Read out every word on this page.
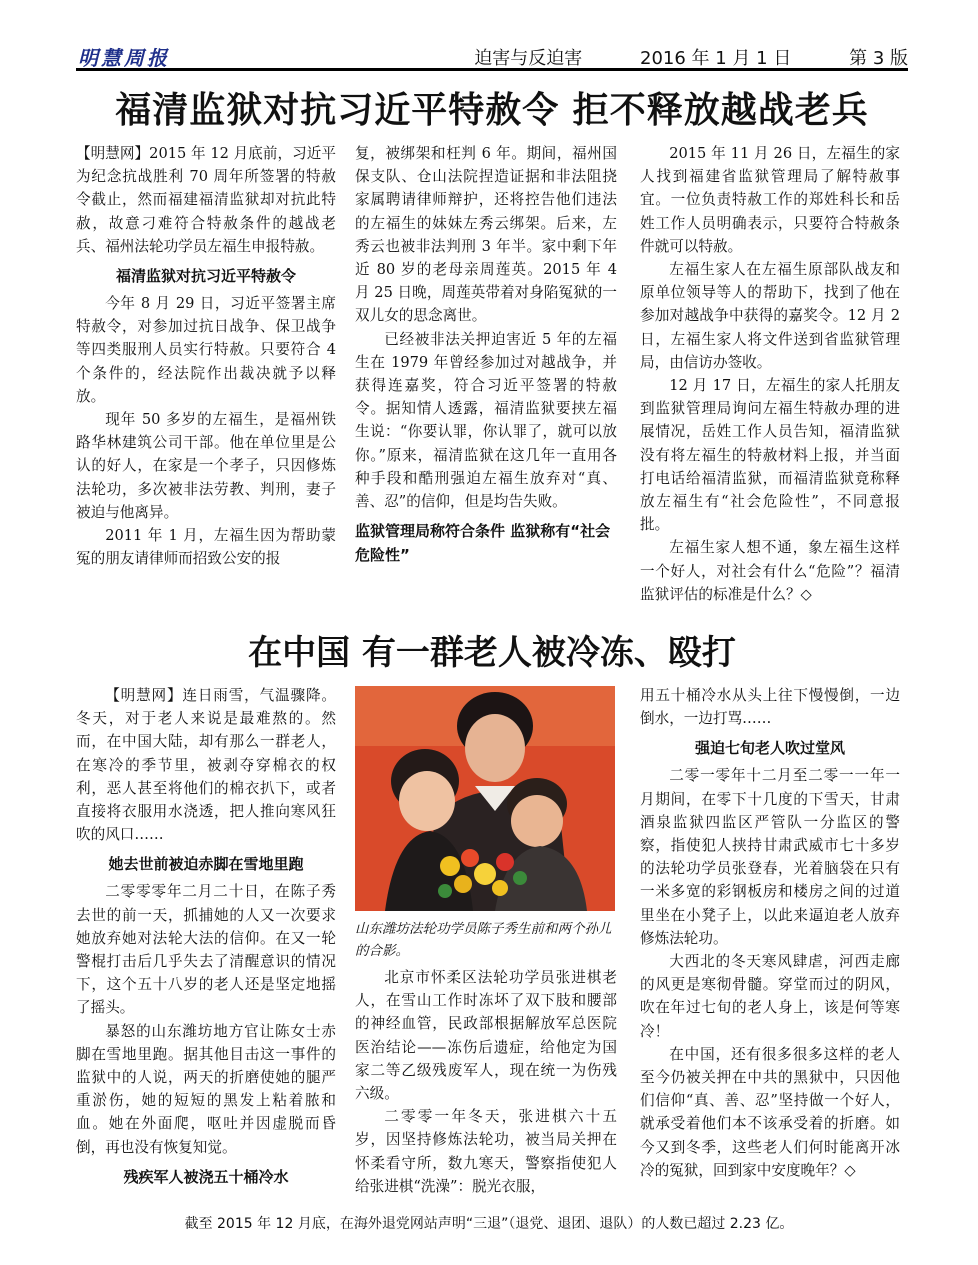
明慧周报	迫害与反迫害	2016 年 1 月 1 日	第 3 版
福清监狱对抗习近平特赦令 拒不释放越战老兵

【明慧网】2015 年 12 月底前，习近平为纪念抗战胜利 70 周年所签署的特赦令截止，然而福建福清监狱却对抗此特赦，故意刁难符合特赦条件的越战老兵、福州法轮功学员左福生申报特赦。

福清监狱对抗习近平特赦令

今年 8 月 29 日，习近平签署主席特赦令，对参加过抗日战争、保卫战争等四类服刑人员实行特赦。只要符合 4 个条件的，经法院作出裁决就予以释放。

现年 50 多岁的左福生，是福州铁路华林建筑公司干部。他在单位里是公认的好人，在家是一个孝子，只因修炼法轮功，多次被非法劳教、判刑，妻子被迫与他离异。

2011 年 1 月，左福生因为帮助蒙冤的朋友请律师而招致公安的报

复，被绑架和枉判 6 年。期间，福州国保支队、仓山法院捏造证据和非法阻挠家属聘请律师辩护，还将控告他们违法的左福生的妹妹左秀云绑架。后来，左秀云也被非法判刑 3 年半。家中剩下年近 80 岁的老母亲周莲英。2015 年 4 月 25 日晚，周莲英带着对身陷冤狱的一双儿女的思念离世。

已经被非法关押迫害近 5 年的左福生在 1979 年曾经参加过对越战争，并获得连嘉奖，符合习近平签署的特赦令。据知情人透露，福清监狱要挟左福生说：“你要认罪，你认罪了，就可以放你。”原来，福清监狱在这几年一直用各种手段和酷刑强迫左福生放弃对“真、善、忍”的信仰，但是均告失败。

监狱管理局称符合条件 监狱称有“社会危险性”

2015 年 11 月 26 日，左福生的家人找到福建省监狱管理局了解特赦事宜。一位负责特赦工作的郑姓科长和岳姓工作人员明确表示，只要符合特赦条件就可以特赦。

左福生家人在左福生原部队战友和原单位领导等人的帮助下，找到了他在参加对越战争中获得的嘉奖令。12 月 2 日，左福生家人将文件送到省监狱管理局，由信访办签收。

12 月 17 日，左福生的家人托朋友到监狱管理局询问左福生特赦办理的进展情况，岳姓工作人员告知，福清监狱没有将左福生的特赦材料上报，并当面打电话给福清监狱，而福清监狱竟称释放左福生有“社会危险性”，不同意报批。

左福生家人想不通，象左福生这样一个好人，对社会有什么“危险”？福清监狱评估的标准是什么？◇

在中国 有一群老人被冷冻、殴打

【明慧网】连日雨雪，气温骤降。冬天，对于老人来说是最难熬的。然而，在中国大陆，却有那么一群老人，在寒冷的季节里，被剥夺穿棉衣的权利，恶人甚至将他们的棉衣扒下，或者直接将衣服用水浇透，把人推向寒风狂吹的风口……

她去世前被迫赤脚在雪地里跑

二零零零年二月二十日，在陈子秀去世的前一天，抓捕她的人又一次要求她放弃她对法轮大法的信仰。在又一轮警棍打击后几乎失去了清醒意识的情况下，这个五十八岁的老人还是坚定地摇了摇头。

暴怒的山东潍坊地方官让陈女士赤脚在雪地里跑。据其他目击这一事件的监狱中的人说，两天的折磨使她的腿严重淤伤，她的短短的黑发上粘着脓和血。她在外面爬，呕吐并因虚脱而昏倒，再也没有恢复知觉。

残疾军人被浇五十桶冷水
山东潍坊法轮功学员陈子秀生前和两个孙儿的合影。

北京市怀柔区法轮功学员张进棋老人，在雪山工作时冻坏了双下肢和腰部的神经血管，民政部根据解放军总医院医治结论——冻伤后遗症，给他定为国家二等乙级残废军人，现在统一为伤残六级。

二零零一年冬天，张进棋六十五岁，因坚持修炼法轮功，被当局关押在怀柔看守所，数九寒天，警察指使犯人给张进棋“洗澡”：脱光衣服，

用五十桶冷水从头上往下慢慢倒，一边倒水，一边打骂……

强迫七旬老人吹过堂风

二零一零年十二月至二零一一年一月期间，在零下十几度的下雪天，甘肃酒泉监狱四监区严管队一分监区的警察，指使犯人挟持甘肃武威市七十多岁的法轮功学员张登春，光着脑袋在只有一米多宽的彩钢板房和楼房之间的过道里坐在小凳子上，以此来逼迫老人放弃修炼法轮功。

大西北的冬天寒风肆虐，河西走廊的风更是寒彻骨髓。穿堂而过的阴风，吹在年过七旬的老人身上，该是何等寒冷！

在中国，还有很多很多这样的老人至今仍被关押在中共的黑狱中，只因他们信仰“真、善、忍”坚持做一个好人，就承受着他们本不该承受着的折磨。如今又到冬季，这些老人们何时能离开冰冷的冤狱，回到家中安度晚年？◇

截至 2015 年 12 月底，在海外退党网站声明“三退”（退党、退团、退队）的人数已超过 2.23 亿。
